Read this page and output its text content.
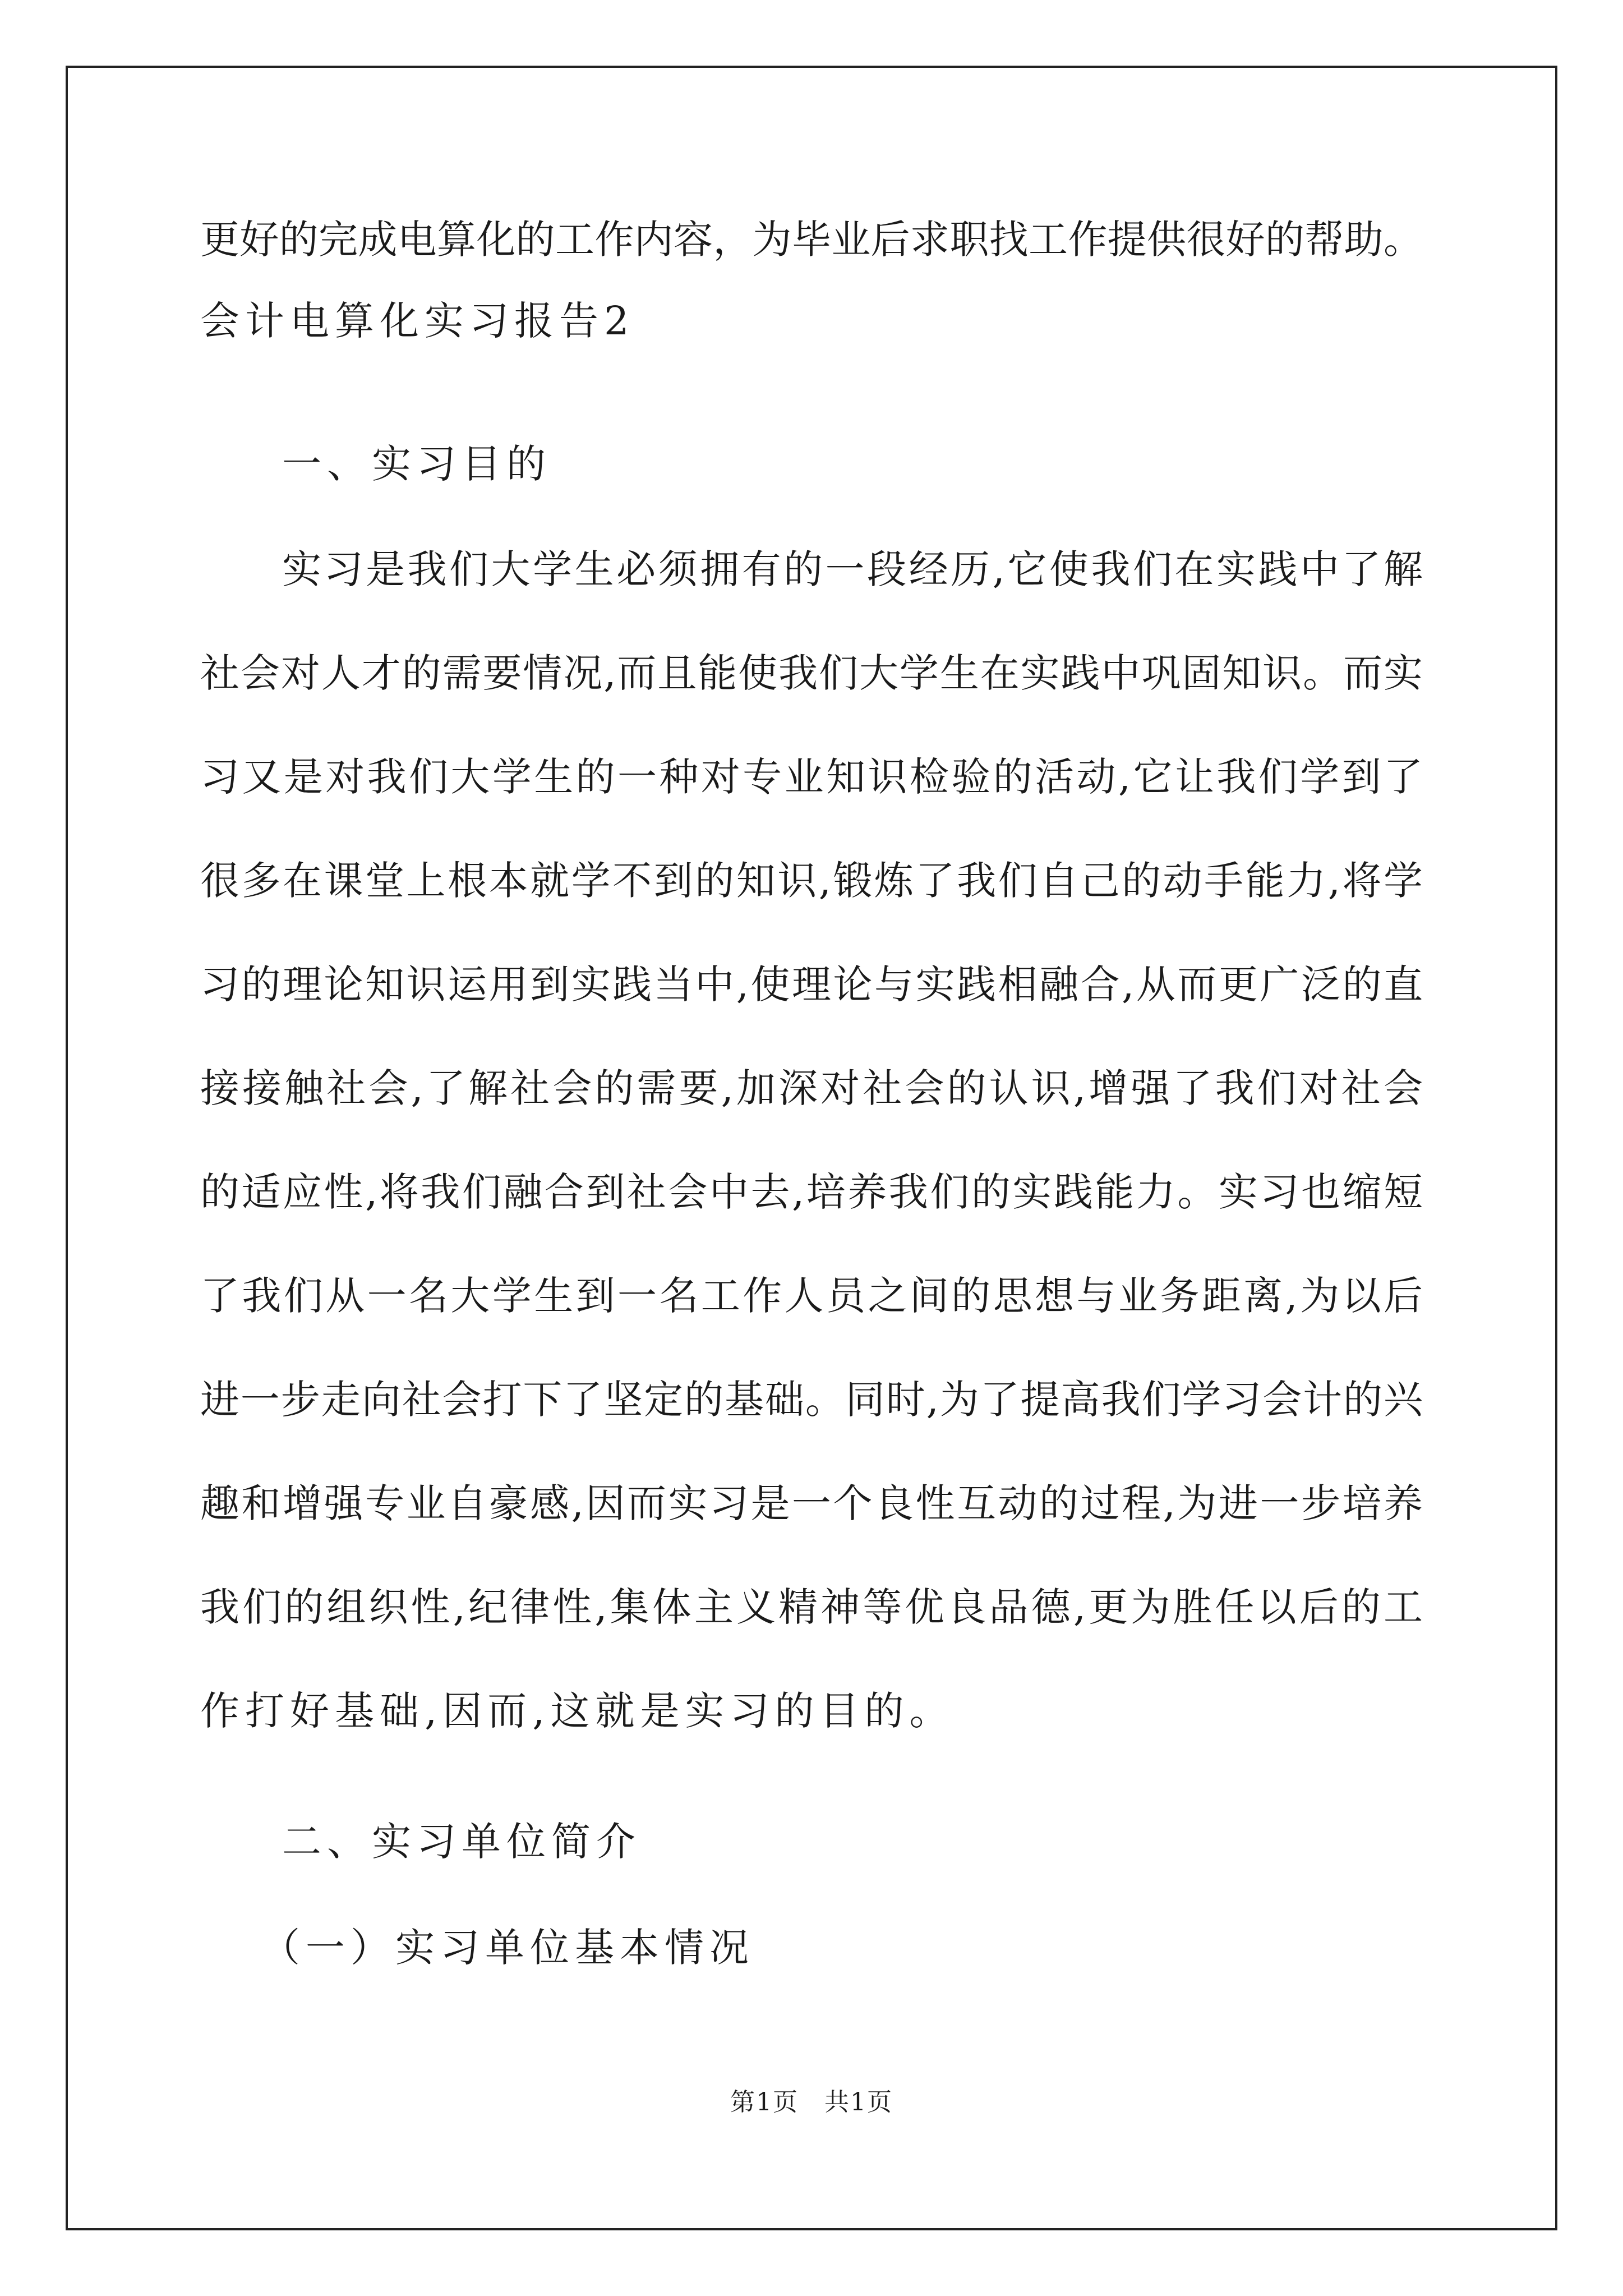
更好的完成电算化的工作内容，为毕业后求职找工作提供很好的帮助。
会计电算化实习报告2
一、实习目的
实习是我们大学生必须拥有的一段经历,它使我们在实践中了解
社会对人才的需要情况,而且能使我们大学生在实践中巩固知识。而实
习又是对我们大学生的一种对专业知识检验的活动,它让我们学到了
很多在课堂上根本就学不到的知识,锻炼了我们自己的动手能力,将学
习的理论知识运用到实践当中,使理论与实践相融合,从而更广泛的直
接接触社会,了解社会的需要,加深对社会的认识,增强了我们对社会
的适应性,将我们融合到社会中去,培养我们的实践能力。实习也缩短
了我们从一名大学生到一名工作人员之间的思想与业务距离,为以后
进一步走向社会打下了坚定的基础。同时,为了提高我们学习会计的兴
趣和增强专业自豪感,因而实习是一个良性互动的过程,为进一步培养
我们的组织性,纪律性,集体主义精神等优良品德,更为胜任以后的工
作打好基础,因而,这就是实习的目的。
二、实习单位简介
（一）实习单位基本情况
第1页　共1页
